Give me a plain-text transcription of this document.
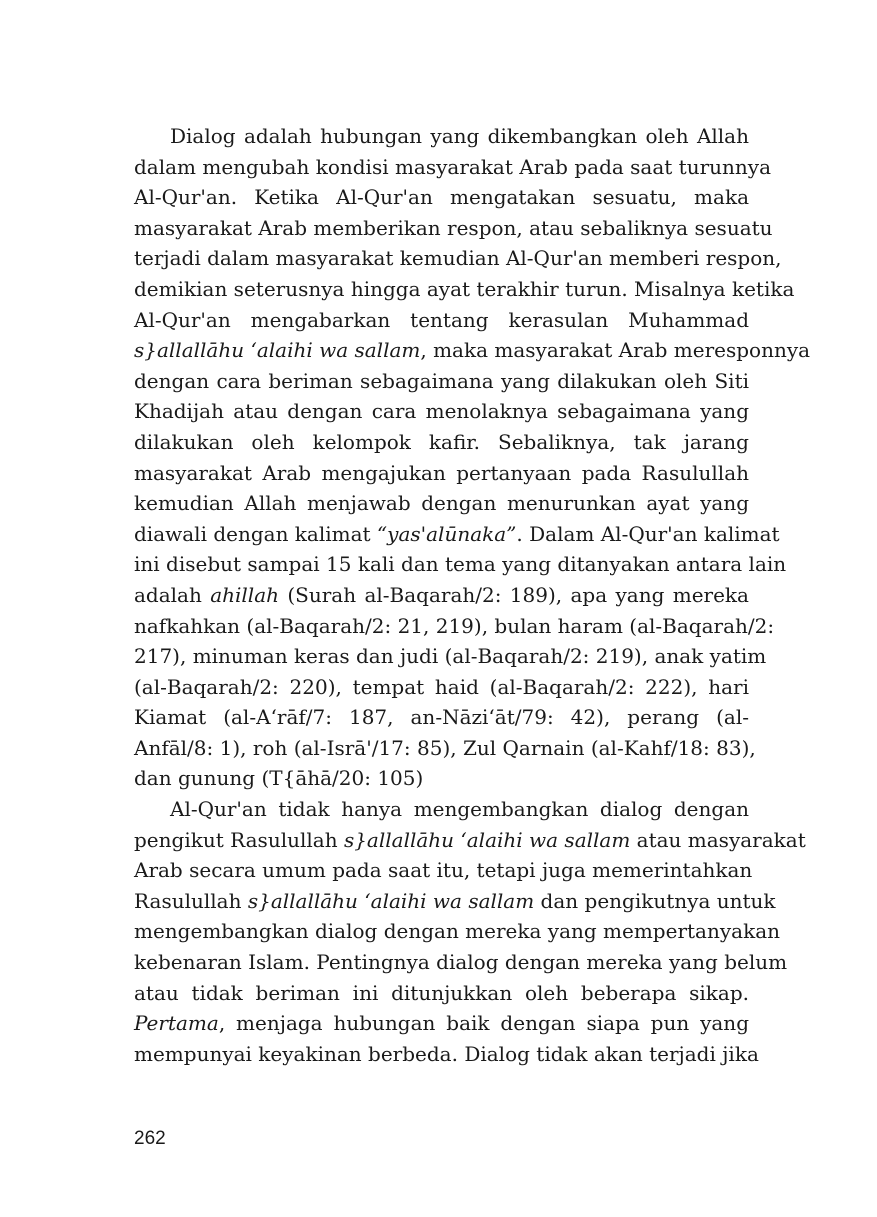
Dialog adalah hubungan yang dikembangkan oleh Allah
dalam mengubah kondisi masyarakat Arab pada saat turunnya
Al-Qur'an. Ketika Al-Qur'an mengatakan sesuatu, maka
masyarakat Arab memberikan respon, atau sebaliknya sesuatu
terjadi dalam masyarakat kemudian Al-Qur'an memberi respon,
demikian seterusnya hingga ayat terakhir turun. Misalnya ketika
Al-Qur'an mengabarkan tentang kerasulan Muhammad
s}allallāhu ‘alaihi wa sallam, maka masyarakat Arab meresponnya
dengan cara beriman sebagaimana yang dilakukan oleh Siti
Khadijah atau dengan cara menolaknya sebagaimana yang
dilakukan oleh kelompok kafir. Sebaliknya, tak jarang
masyarakat Arab mengajukan pertanyaan pada Rasulullah
kemudian Allah menjawab dengan menurunkan ayat yang
diawali dengan kalimat “yas'alūnaka”. Dalam Al-Qur'an kalimat
ini disebut sampai 15 kali dan tema yang ditanyakan antara lain
adalah ahillah (Surah al-Baqarah/2: 189), apa yang mereka
nafkahkan (al-Baqarah/2: 21, 219), bulan haram (al-Baqarah/2:
217), minuman keras dan judi (al-Baqarah/2: 219), anak yatim
(al-Baqarah/2: 220), tempat haid (al-Baqarah/2: 222), hari
Kiamat (al-A‘rāf/7: 187, an-Nāzi‘āt/79: 42), perang (al-
Anfāl/8: 1), roh (al-Isrā'/17: 85), Zul Qarnain (al-Kahf/18: 83),
dan gunung (T{āhā/20: 105)
Al-Qur'an tidak hanya mengembangkan dialog dengan
pengikut Rasulullah s}allallāhu ‘alaihi wa sallam atau masyarakat
Arab secara umum pada saat itu, tetapi juga memerintahkan
Rasulullah s}allallāhu ‘alaihi wa sallam dan pengikutnya untuk
mengembangkan dialog dengan mereka yang mempertanyakan
kebenaran Islam. Pentingnya dialog dengan mereka yang belum
atau tidak beriman ini ditunjukkan oleh beberapa sikap.
Pertama, menjaga hubungan baik dengan siapa pun yang
mempunyai keyakinan berbeda. Dialog tidak akan terjadi jika
262
